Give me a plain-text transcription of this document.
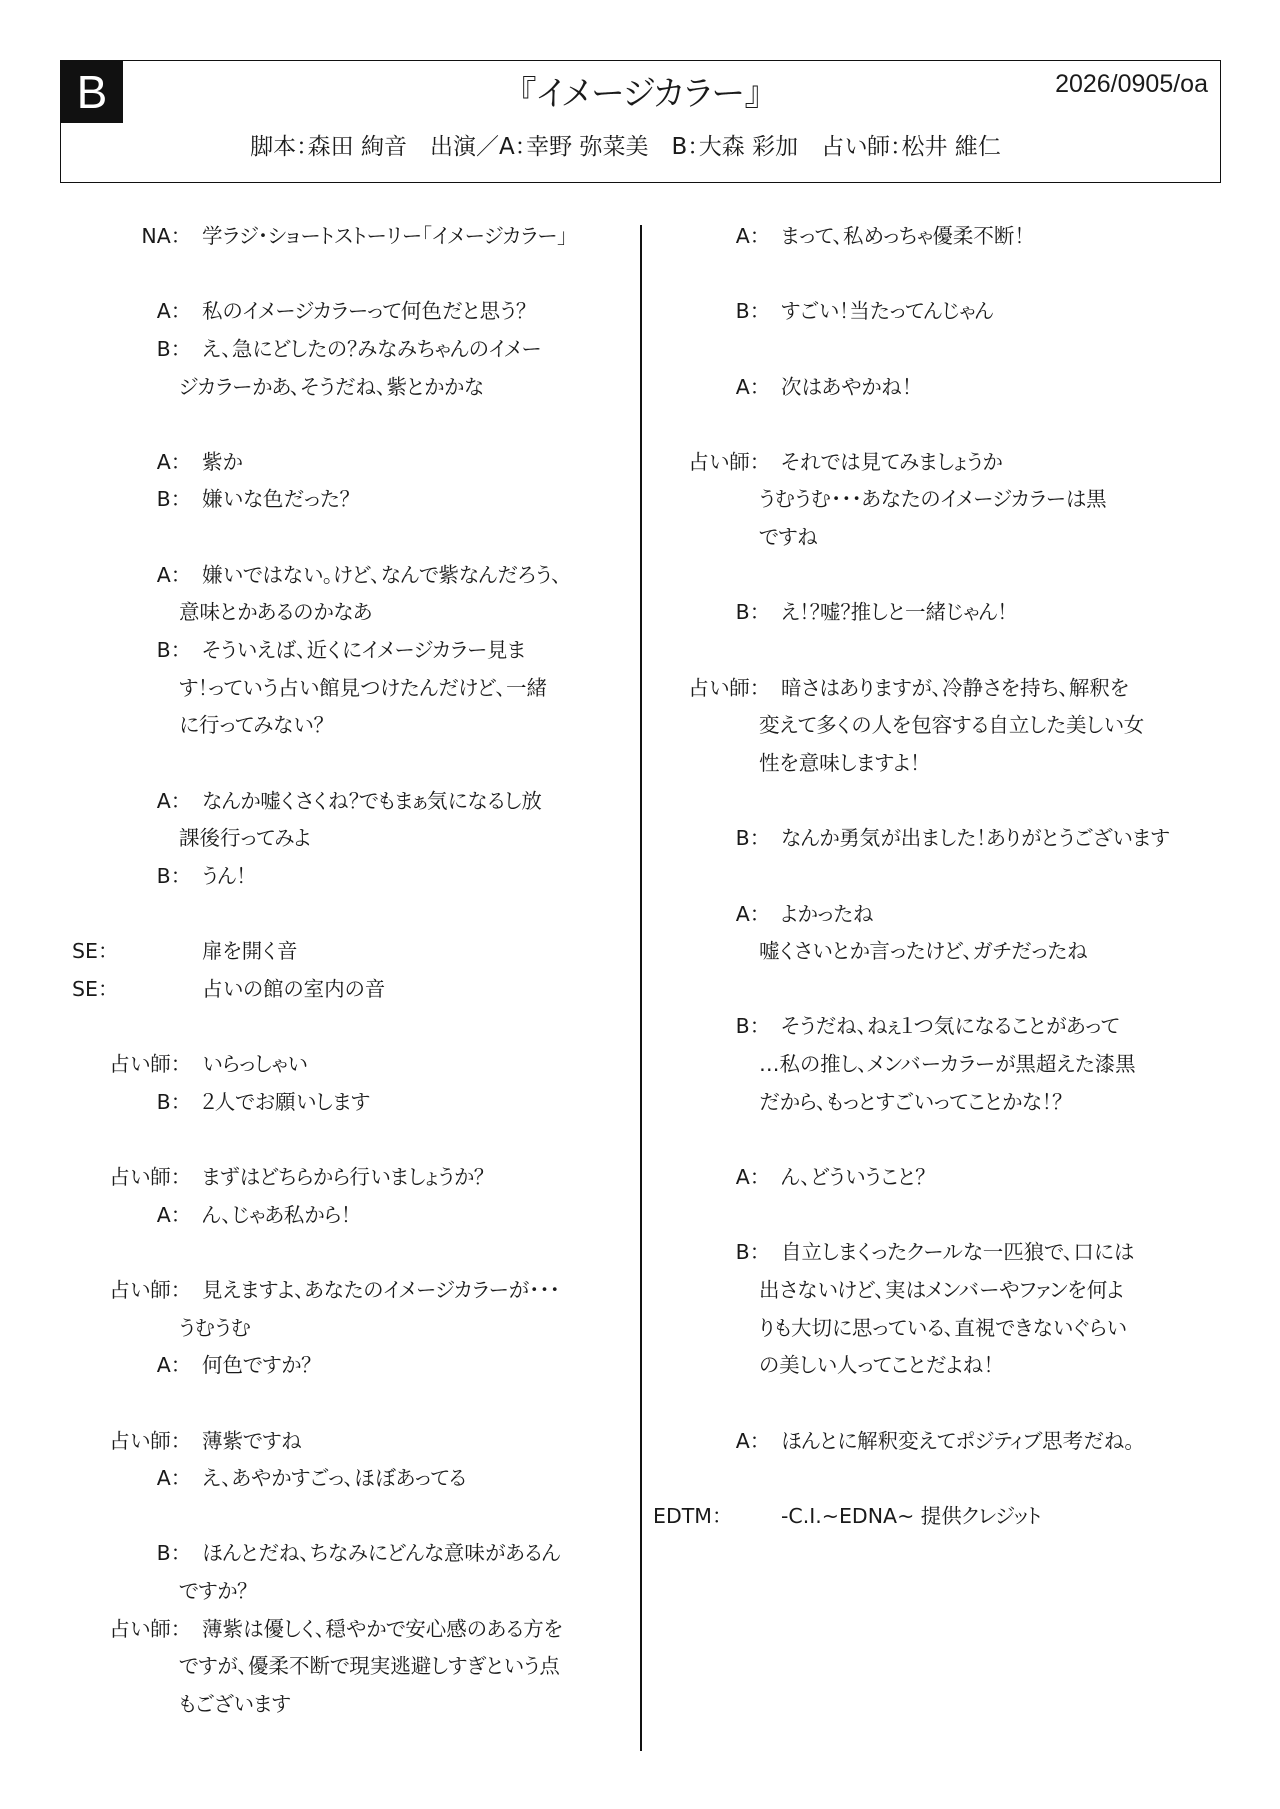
B	『イメージカラー』	2026/0905/oa
脚本：森田 絢音　出演／A：幸野 弥菜美　B：大森 彩加　占い師：松井 維仁
NA：	学ラジ・ショートストーリー「イメージカラー」
A：	私のイメージカラーって何色だと思う？
B：	え、急にどしたの？みなみちゃんのイメー
ジカラーかあ、そうだね、紫とかかな
A：	紫か
B：	嫌いな色だった？
A：	嫌いではない。けど、なんで紫なんだろう、
意味とかあるのかなあ
B：	そういえば、近くにイメージカラー見ま
す！っていう占い館見つけたんだけど、一緒
に行ってみない？
A：	なんか嘘くさくね？でもまぁ気になるし放
課後行ってみよ
B：	うん！
SE：	扉を開く音
SE：	占いの館の室内の音
占い師：	いらっしゃい
B：	２人でお願いします
占い師：	まずはどちらから行いましょうか？
A：	ん、じゃあ私から！
占い師：	見えますよ、あなたのイメージカラーが・・・
うむうむ
A：	何色ですか？
占い師：	薄紫ですね
A：	え、あやかすごっ、ほぼあってる
B：	ほんとだね、ちなみにどんな意味があるん
ですか？
占い師：	薄紫は優しく、穏やかで安心感のある方を
ですが、優柔不断で現実逃避しすぎという点
もございます
A：	まって、私めっちゃ優柔不断！
B：	すごい！当たってんじゃん
A：	次はあやかね！
占い師：	それでは見てみましょうか
うむうむ・・・あなたのイメージカラーは黒
ですね
B：	え！？嘘？推しと一緒じゃん！
占い師：	暗さはありますが、冷静さを持ち、解釈を
変えて多くの人を包容する自立した美しい女
性を意味しますよ！
B：	なんか勇気が出ました！ありがとうございます
A：	よかったね
嘘くさいとか言ったけど、ガチだったね
B：	そうだね、ねぇ１つ気になることがあって
…私の推し、メンバーカラーが黒超えた漆黒
だから、もっとすごいってことかな！？
A：	ん、どういうこと？
B：	自立しまくったクールな一匹狼で、口には
出さないけど、実はメンバーやファンを何よ
りも大切に思っている、直視できないぐらい
の美しい人ってことだよね！
A：	ほんとに解釈変えてポジティブ思考だね。
EDTM：	-C.I.~EDNA~ 提供クレジット
